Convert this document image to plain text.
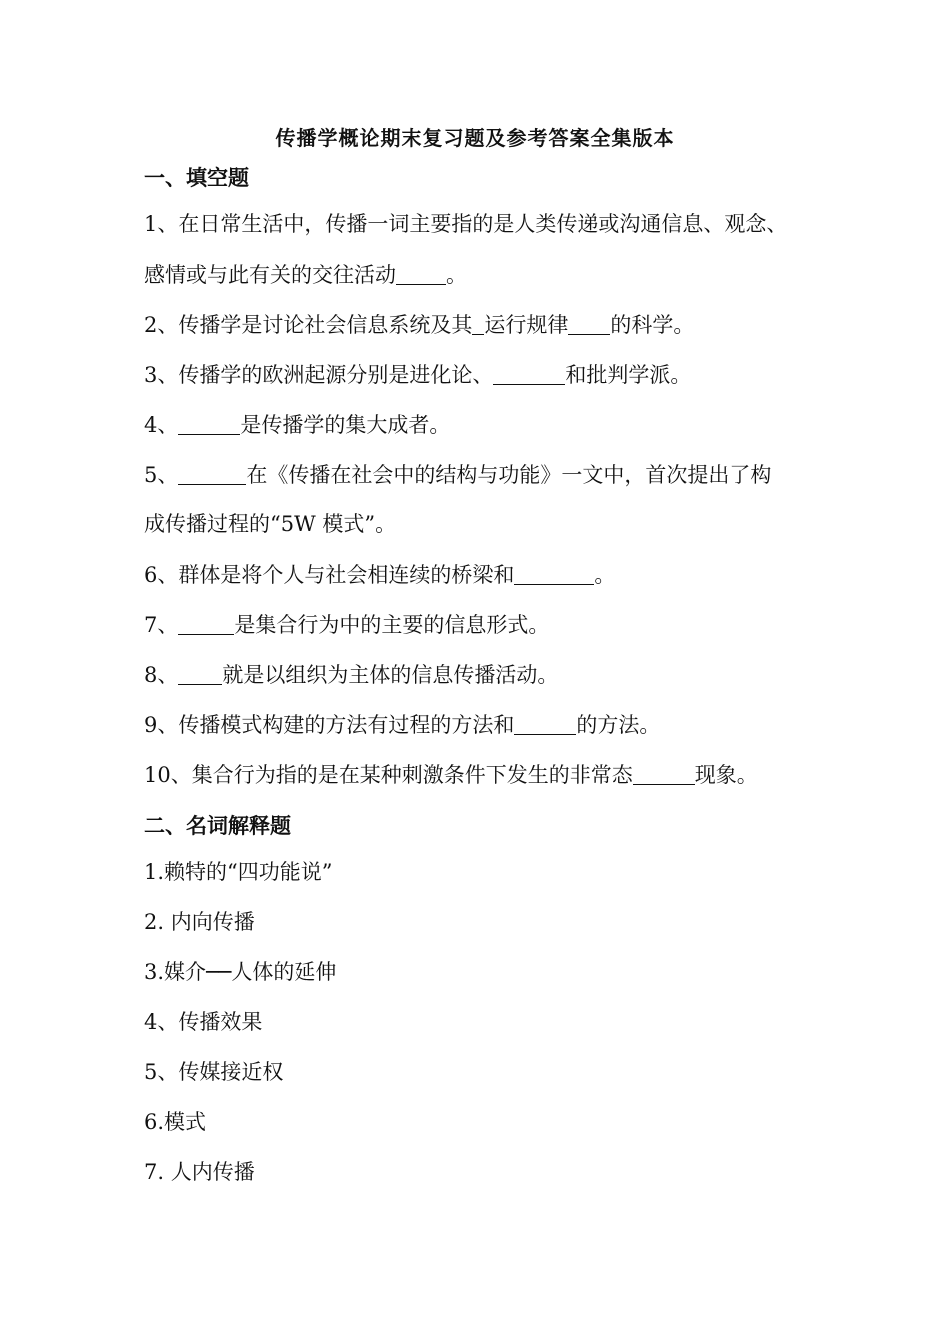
传播学概论期末复习题及参考答案全集版本
一、填空题
1、在日常生活中，传播一词主要指的是人类传递或沟通信息、观念、
感情或与此有关的交往活动 。
2、传播学是讨论社会信息系统及其 运行规律 的科学。
3、传播学的欧洲起源分别是进化论、	和批判学派。
4、	是传播学的集大成者。
5、	在《传播在社会中的结构与功能》一文中，首次提出了构
成传播过程的“5W 模式”。
6、群体是将个人与社会相连续的桥梁和	。
7、	是集合行为中的主要的信息形式。
8、 就是以组织为主体的信息传播活动。
9、传播模式构建的方法有过程的方法和	的方法。
10、集合行为指的是在某种刺激条件下发生的非常态	现象。
二、名词解释题
1.赖特的“四功能说”
2. 内向传播
3.媒介──人体的延伸
4、传播效果
5、传媒接近权
6.模式
7. 人内传播
